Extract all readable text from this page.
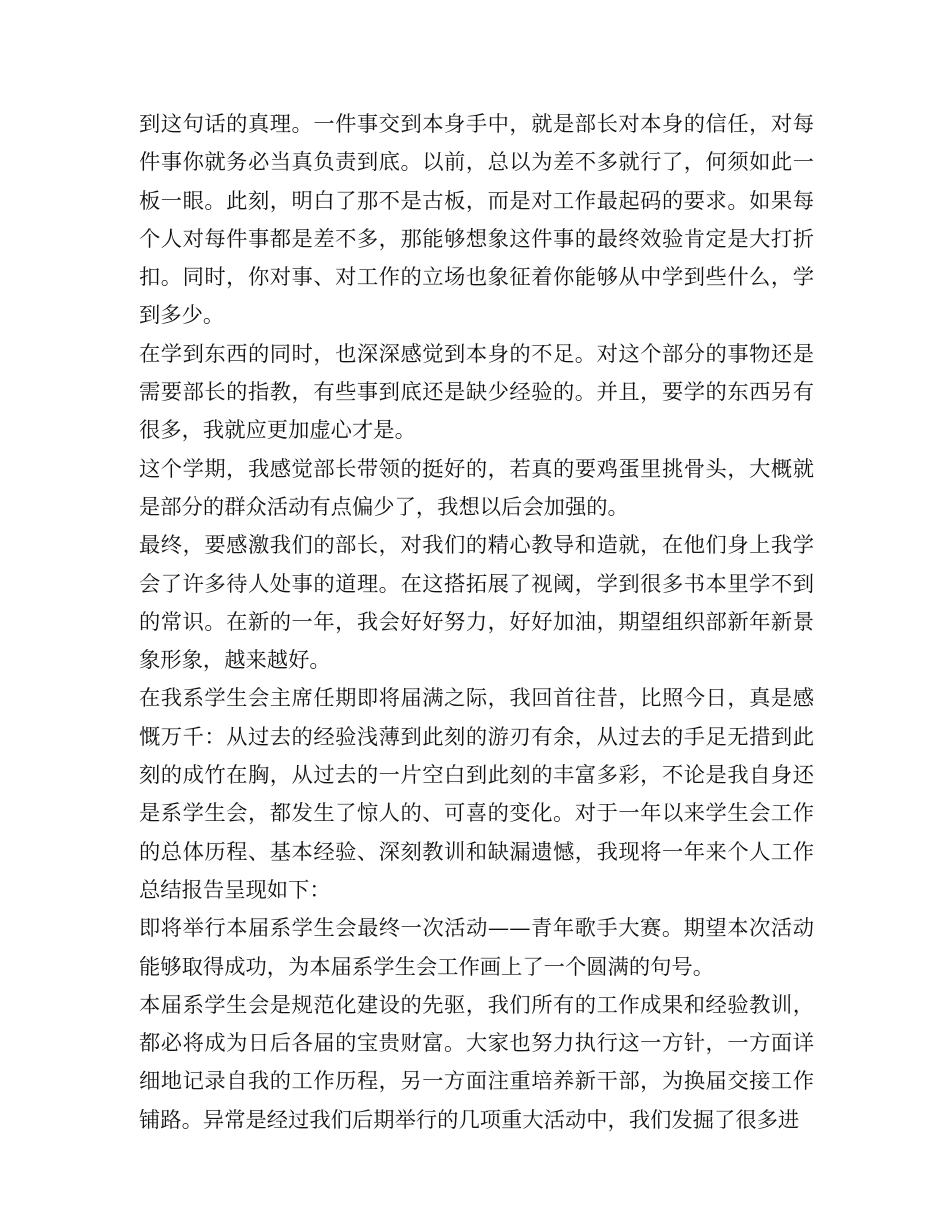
到这句话的真理。一件事交到本身手中，就是部长对本身的信任，对每件事你就务必当真负责到底。以前，总以为差不多就行了，何须如此一板一眼。此刻，明白了那不是古板，而是对工作最起码的要求。如果每个人对每件事都是差不多，那能够想象这件事的最终效验肯定是大打折扣。同时，你对事、对工作的立场也象征着你能够从中学到些什么，学到多少。

在学到东西的同时，也深深感觉到本身的不足。对这个部分的事物还是需要部长的指教，有些事到底还是缺少经验的。并且，要学的东西另有很多，我就应更加虚心才是。

这个学期，我感觉部长带领的挺好的，若真的要鸡蛋里挑骨头，大概就是部分的群众活动有点偏少了，我想以后会加强的。

最终，要感激我们的部长，对我们的精心教导和造就，在他们身上我学会了许多待人处事的道理。在这搭拓展了视阈，学到很多书本里学不到的常识。在新的一年，我会好好努力，好好加油，期望组织部新年新景象形象，越来越好。

在我系学生会主席任期即将届满之际，我回首往昔，比照今日，真是感慨万千：从过去的经验浅薄到此刻的游刃有余，从过去的手足无措到此刻的成竹在胸，从过去的一片空白到此刻的丰富多彩，不论是我自身还是系学生会，都发生了惊人的、可喜的变化。对于一年以来学生会工作的总体历程、基本经验、深刻教训和缺漏遗憾，我现将一年来个人工作总结报告呈现如下：

即将举行本届系学生会最终一次活动——青年歌手大赛。期望本次活动能够取得成功，为本届系学生会工作画上了一个圆满的句号。

本届系学生会是规范化建设的先驱，我们所有的工作成果和经验教训，都必将成为日后各届的宝贵财富。大家也努力执行这一方针，一方面详细地记录自我的工作历程，另一方面注重培养新干部，为换届交接工作铺路。异常是经过我们后期举行的几项重大活动中，我们发掘了很多进
